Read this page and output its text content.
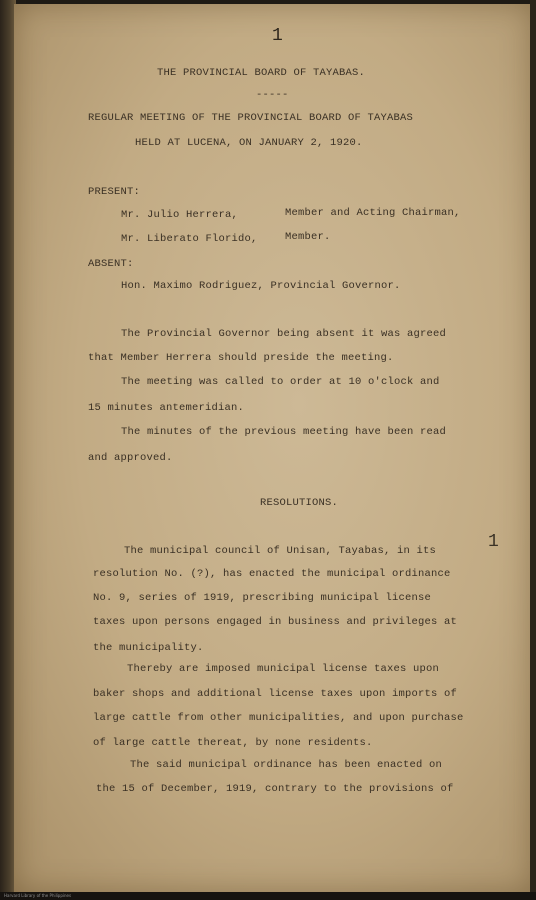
1
THE PROVINCIAL BOARD OF TAYABAS.
-----
REGULAR MEETING OF THE PROVINCIAL BOARD OF TAYABAS
HELD AT LUCENA, ON JANUARY 2, 1920.
PRESENT:
Mr. Julio Herrera,	Member and Acting Chairman,
Mr. Liberato Florido,	Member.
ABSENT:
Hon. Maximo Rodriguez, Provincial Governor.
The Provincial Governor being absent it was agreed
that Member Herrera should preside the meeting.
The meeting was called to order at 10 o'clock and
15 minutes antemeridian.
The minutes of the previous meeting have been read
and approved.
RESOLUTIONS.
The municipal council of Unisan, Tayabas, in its	1
resolution No. (?), has enacted the municipal ordinance
No. 9, series of 1919, prescribing municipal license
taxes upon persons engaged in business and privileges at
the municipality.
Thereby are imposed municipal license taxes upon
baker shops and additional license taxes upon imports of
large cattle from other municipalities, and upon purchase
of large cattle thereat, by none residents.
The said municipal ordinance has been enacted on
the 15 of December, 1919, contrary to the provisions of
Harvard Library of the Philippines
